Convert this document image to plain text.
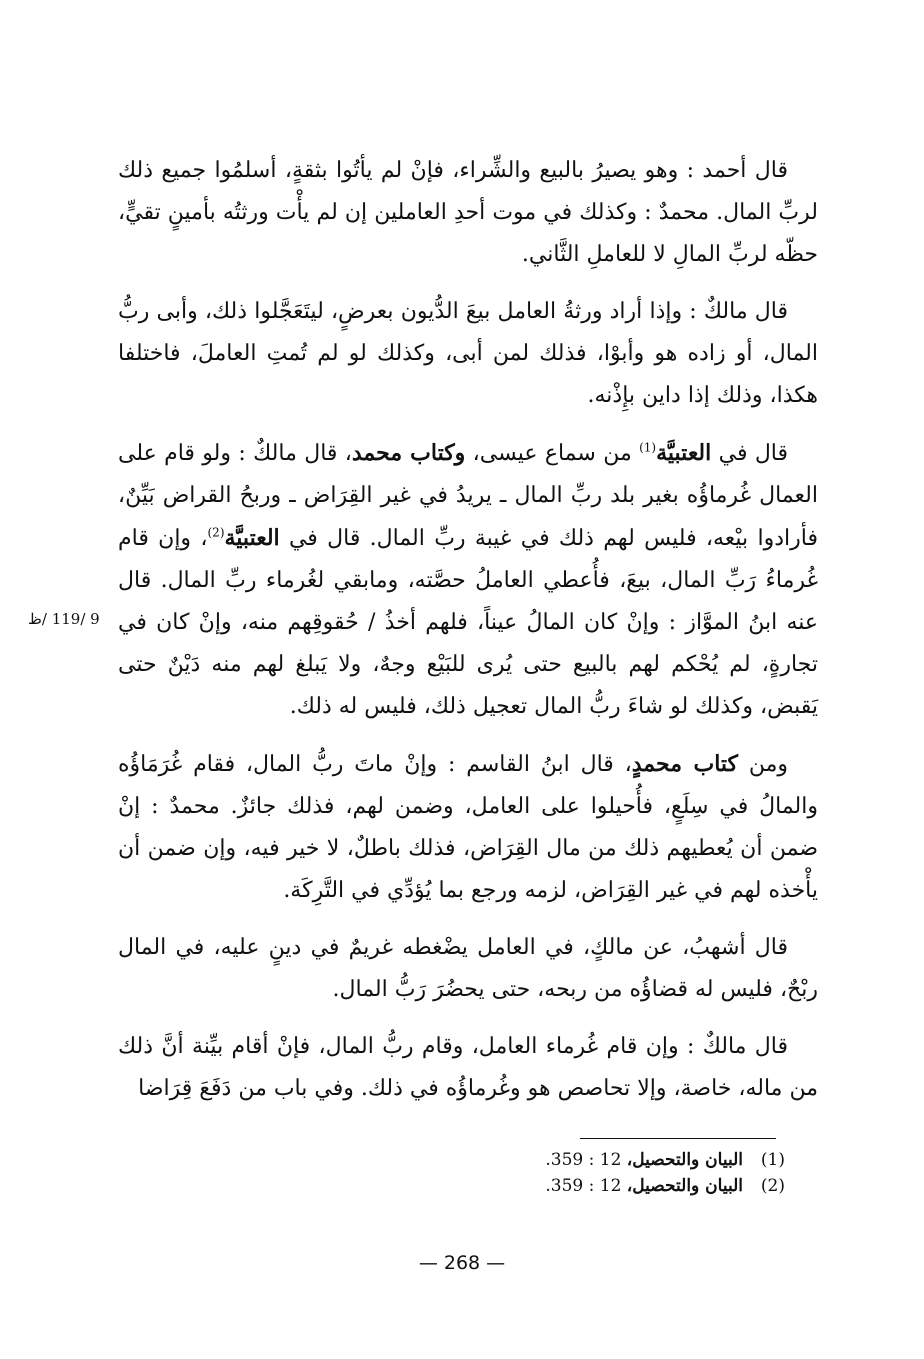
قال أحمد : وهو يصيرُ بالبيع والشِّراء، فإنْ لم يأتُوا بثقةٍ، أسلمُوا جميع ذلك لربِّ المال. محمدٌ : وكذلك في موت أحدِ العاملين إن لم يأْت ورثتُه بأمينٍ تقيٍّ، حظّه لربِّ المالِ لا للعاملِ الثَّاني.

قال مالكٌ : وإذا أراد ورثةُ العامل بيعَ الدُّيون بعرضٍ، ليتَعَجَّلوا ذلك، وأبى ربُّ المال، أو زاده هو وأبوْا، فذلك لمن أبى، وكذلك لو لم تُمتِ العاملَ، فاختلفا هكذا، وذلك إذا داين بإِذْنه.

قال في العتبيَّة$^{(1)}$ من سماع عيسى، وكتاب محمد، قال مالكٌ : ولو قام على العمال غُرماؤُه بغير بلد ربِّ المال ـ يريدُ في غير القِرَاض ـ وربحُ القراض بَيِّنٌ، فأرادوا بيْعه، فليس لهم ذلك في غيبة ربِّ المال. قال في العتبيَّة$^{(2)}$، وإن قام غُرماءُ رَبِّ المال، بيعَ، فأُعطي العاملُ حصَّته، ومابقي لغُرماء ربِّ المال. قال عنه ابنُ الموَّاز : وإنْ كان المالُ عيناً، فلهم أخذُ / حُقوقِهم منه، وإنْ كان في تجارةٍ، لم يُحْكم لهم بالبيع حتى يُرى للبَيْع وجهٌ، ولا يَبلغ لهم منه دَيْنٌ حتى يَقبض، وكذلك لو شاءَ ربُّ المال تعجيل ذلك، فليس له ذلك.

ومن كتاب محمدٍ، قال ابنُ القاسم : وإنْ ماتَ ربُّ المال، فقام غُرَمَاؤُه والمالُ في سِلَعٍ، فأُحيلوا على العامل، وضمن لهم، فذلك جائزٌ. محمدٌ : إنْ ضمن أن يُعطيهم ذلك من مال القِرَاض، فذلك باطلٌ، لا خير فيه، وإن ضمن أن يأْخذه لهم في غير القِرَاض، لزمه ورجع بما يُؤدِّي في التَّرِكَة.

قال أشهبُ، عن مالكٍ، في العامل يضْغطه غريمٌ في دينٍ عليه، في المال ربْحٌ، فليس له قضاؤُه من ربحه، حتى يحضُرَ رَبُّ المال.

قال مالكٌ : وإن قام غُرماء العامل، وقام ربُّ المال، فإنْ أقام بيِّنة أنَّ ذلك من ماله، خاصة، وإلا تحاصص هو وغُرماؤُه في ذلك. وفي باب من دَفَعَ قِرَاضا

9 /119 /ظ
(1)
البيان والتحصيل، 12 : 359.
(2)
البيان والتحصيل، 12 : 359.
— 268 —
